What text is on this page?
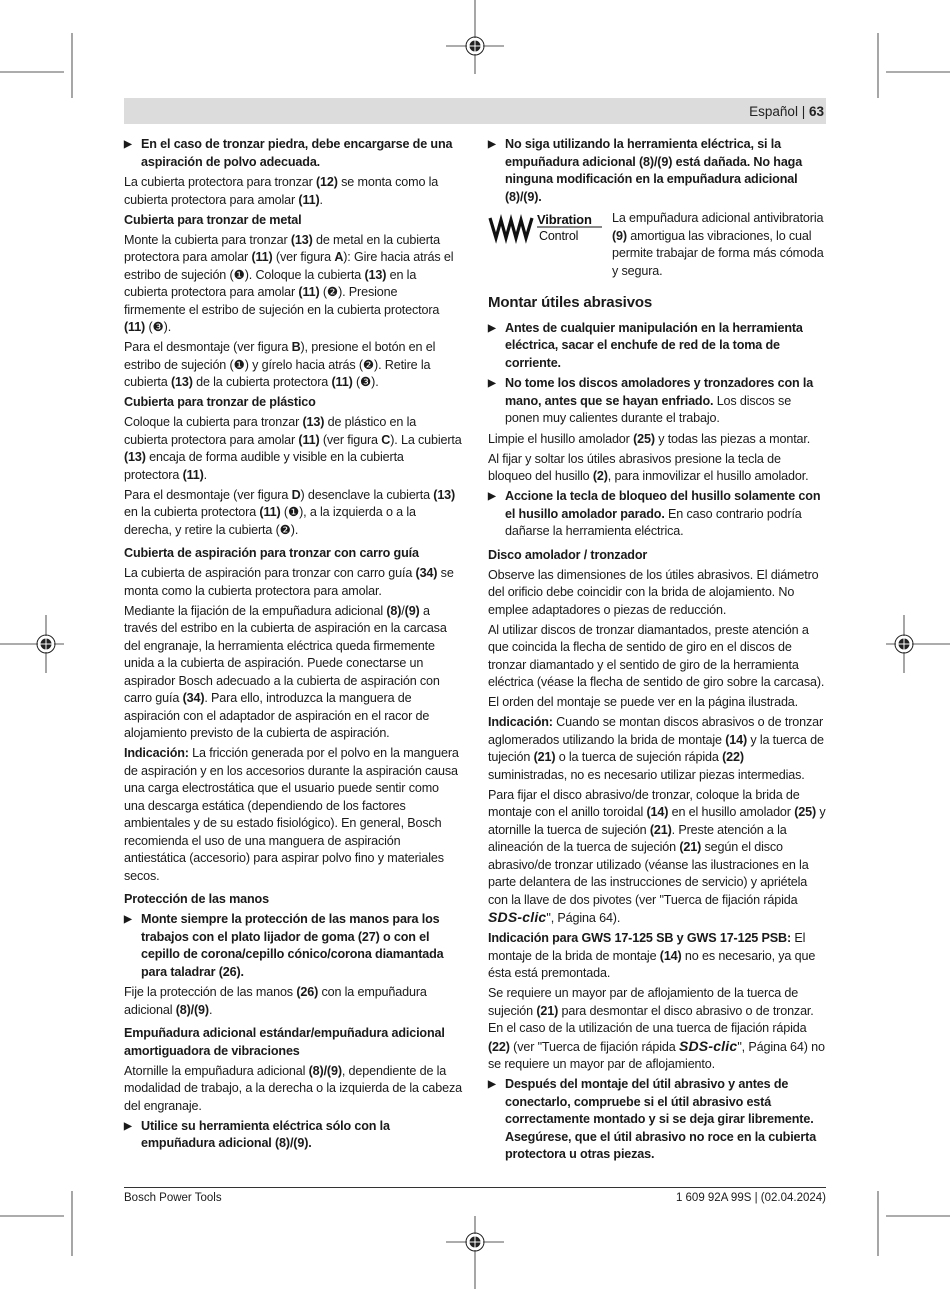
Español | 63

▶ En el caso de tronzar piedra, debe encargarse de una aspiración de polvo adecuada.

La cubierta protectora para tronzar (12) se monta como la cubierta protectora para amolar (11).

Cubierta para tronzar de metal

Monte la cubierta para tronzar (13) de metal en la cubierta protectora para amolar (11) (ver figura A): Gire hacia atrás el estribo de sujeción (❶). Coloque la cubierta (13) en la cubierta protectora para amolar (11) (❷). Presione firmemente el estribo de sujeción en la cubierta protectora (11) (❸).

Para el desmontaje (ver figura B), presione el botón en el estribo de sujeción (❶) y gírelo hacia atrás (❷). Retire la cubierta (13) de la cubierta protectora (11) (❸).

Cubierta para tronzar de plástico

Coloque la cubierta para tronzar (13) de plástico en la cubierta protectora para amolar (11) (ver figura C). La cubierta (13) encaja de forma audible y visible en la cubierta protectora (11).

Para el desmontaje (ver figura D) desenclave la cubierta (13) en la cubierta protectora (11) (❶), a la izquierda o a la derecha, y retire la cubierta (❷).

Cubierta de aspiración para tronzar con carro guía

La cubierta de aspiración para tronzar con carro guía (34) se monta como la cubierta protectora para amolar.

Mediante la fijación de la empuñadura adicional (8)/(9) a través del estribo en la cubierta de aspiración en la carcasa del engranaje, la herramienta eléctrica queda firmemente unida a la cubierta de aspiración. Puede conectarse un aspirador Bosch adecuado a la cubierta de aspiración con carro guía (34). Para ello, introduzca la manguera de aspiración con el adaptador de aspiración en el racor de alojamiento previsto de la cubierta de aspiración.

Indicación: La fricción generada por el polvo en la manguera de aspiración y en los accesorios durante la aspiración causa una carga electrostática que el usuario puede sentir como una descarga estática (dependiendo de los factores ambientales y de su estado fisiológico). En general, Bosch recomienda el uso de una manguera de aspiración antiestática (accesorio) para aspirar polvo fino y materiales secos.

Protección de las manos

▶ Monte siempre la protección de las manos para los trabajos con el plato lijador de goma (27) o con el cepillo de corona/cepillo cónico/corona diamantada para taladrar (26).

Fije la protección de las manos (26) con la empuñadura adicional (8)/(9).

Empuñadura adicional estándar/empuñadura adicional amortiguadora de vibraciones

Atornille la empuñadura adicional (8)/(9), dependiente de la modalidad de trabajo, a la derecha o la izquierda de la cabeza del engranaje.

▶ Utilice su herramienta eléctrica sólo con la empuñadura adicional (8)/(9).

▶ No siga utilizando la herramienta eléctrica, si la empuñadura adicional (8)/(9) está dañada. No haga ninguna modificación en la empuñadura adicional (8)/(9).

Vibration
Control
La empuñadura adicional antivibratoria (9) amortigua las vibraciones, lo cual permite trabajar de forma más cómoda y segura.

Montar útiles abrasivos

▶ Antes de cualquier manipulación en la herramienta eléctrica, sacar el enchufe de red de la toma de corriente.

▶ No tome los discos amoladores y tronzadores con la mano, antes que se hayan enfriado. Los discos se ponen muy calientes durante el trabajo.

Limpie el husillo amolador (25) y todas las piezas a montar.

Al fijar y soltar los útiles abrasivos presione la tecla de bloqueo del husillo (2), para inmovilizar el husillo amolador.

▶ Accione la tecla de bloqueo del husillo solamente con el husillo amolador parado. En caso contrario podría dañarse la herramienta eléctrica.

Disco amolador / tronzador

Observe las dimensiones de los útiles abrasivos. El diámetro del orificio debe coincidir con la brida de alojamiento. No emplee adaptadores o piezas de reducción.

Al utilizar discos de tronzar diamantados, preste atención a que coincida la flecha de sentido de giro en el discos de tronzar diamantado y el sentido de giro de la herramienta eléctrica (véase la flecha de sentido de giro sobre la carcasa).

El orden del montaje se puede ver en la página ilustrada.

Indicación: Cuando se montan discos abrasivos o de tronzar aglomerados utilizando la brida de montaje (14) y la tuerca de tujeción (21) o la tuerca de sujeción rápida (22) suministradas, no es necesario utilizar piezas intermedias.

Para fijar el disco abrasivo/de tronzar, coloque la brida de montaje con el anillo toroidal (14) en el husillo amolador (25) y atornille la tuerca de sujeción (21). Preste atención a la alineación de la tuerca de sujeción (21) según el disco abrasivo/de tronzar utilizado (véanse las ilustraciones en la parte delantera de las instrucciones de servicio) y apriétela con la llave de dos pivotes (ver "Tuerca de fijación rápida SDS-clic", Página 64).

Indicación para GWS 17-125 SB y GWS 17-125 PSB: El montaje de la brida de montaje (14) no es necesario, ya que ésta está premontada.

Se requiere un mayor par de aflojamiento de la tuerca de sujeción (21) para desmontar el disco abrasivo o de tronzar. En el caso de la utilización de una tuerca de fijación rápida (22) (ver "Tuerca de fijación rápida SDS-clic", Página 64) no se requiere un mayor par de aflojamiento.

▶ Después del montaje del útil abrasivo y antes de conectarlo, compruebe si el útil abrasivo está correctamente montado y si se deja girar libremente. Asegúrese, que el útil abrasivo no roce en la cubierta protectora u otras piezas.

Bosch Power Tools	1 609 92A 99S | (02.04.2024)
